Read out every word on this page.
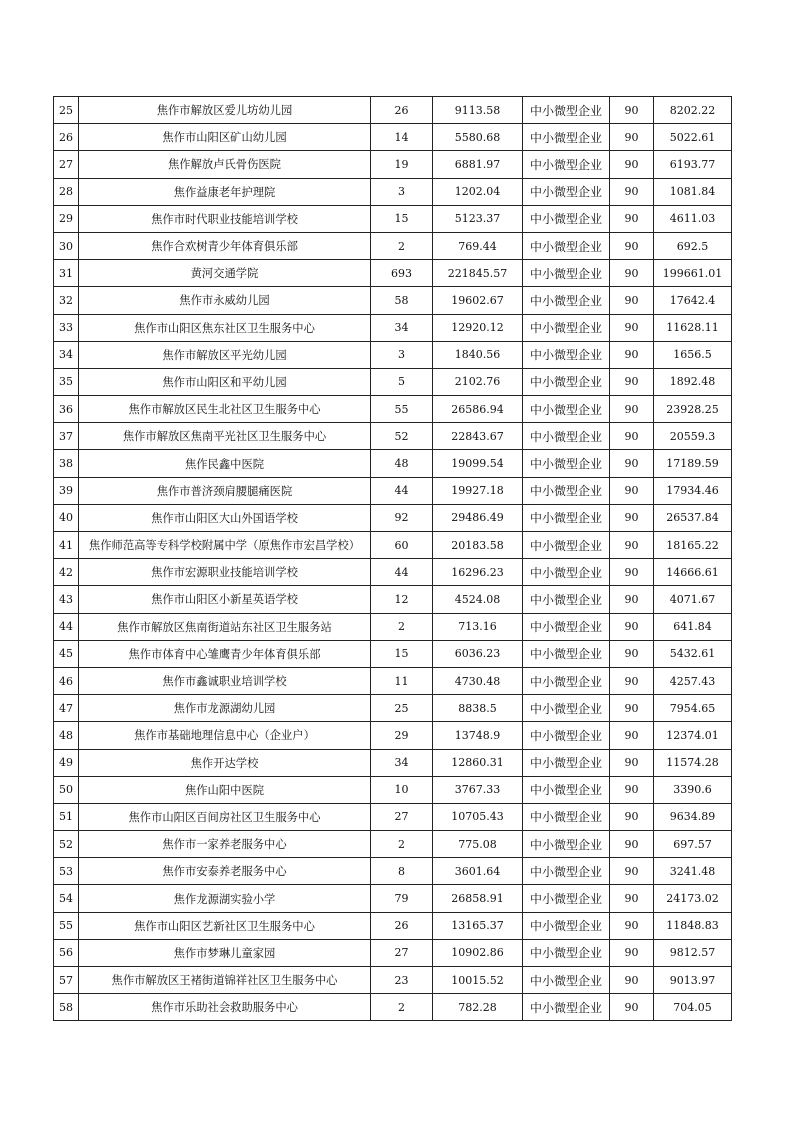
25	焦作市解放区爱儿坊幼儿园	26	9113.58	中小微型企业	90	8202.22
26	焦作市山阳区矿山幼儿园	14	5580.68	中小微型企业	90	5022.61
27	焦作解放卢氏骨伤医院	19	6881.97	中小微型企业	90	6193.77
28	焦作益康老年护理院	3	1202.04	中小微型企业	90	1081.84
29	焦作市时代职业技能培训学校	15	5123.37	中小微型企业	90	4611.03
30	焦作合欢树青少年体育俱乐部	2	769.44	中小微型企业	90	692.5
31	黄河交通学院	693	221845.57	中小微型企业	90	199661.01
32	焦作市永威幼儿园	58	19602.67	中小微型企业	90	17642.4
33	焦作市山阳区焦东社区卫生服务中心	34	12920.12	中小微型企业	90	11628.11
34	焦作市解放区平光幼儿园	3	1840.56	中小微型企业	90	1656.5
35	焦作市山阳区和平幼儿园	5	2102.76	中小微型企业	90	1892.48
36	焦作市解放区民生北社区卫生服务中心	55	26586.94	中小微型企业	90	23928.25
37	焦作市解放区焦南平光社区卫生服务中心	52	22843.67	中小微型企业	90	20559.3
38	焦作民鑫中医院	48	19099.54	中小微型企业	90	17189.59
39	焦作市普济颈肩腰腿痛医院	44	19927.18	中小微型企业	90	17934.46
40	焦作市山阳区大山外国语学校	92	29486.49	中小微型企业	90	26537.84
41	焦作师范高等专科学校附属中学（原焦作市宏昌学校）	60	20183.58	中小微型企业	90	18165.22
42	焦作市宏源职业技能培训学校	44	16296.23	中小微型企业	90	14666.61
43	焦作市山阳区小新星英语学校	12	4524.08	中小微型企业	90	4071.67
44	焦作市解放区焦南街道站东社区卫生服务站	2	713.16	中小微型企业	90	641.84
45	焦作市体育中心雏鹰青少年体育俱乐部	15	6036.23	中小微型企业	90	5432.61
46	焦作市鑫诚职业培训学校	11	4730.48	中小微型企业	90	4257.43
47	焦作市龙源湖幼儿园	25	8838.5	中小微型企业	90	7954.65
48	焦作市基础地理信息中心（企业户）	29	13748.9	中小微型企业	90	12374.01
49	焦作开达学校	34	12860.31	中小微型企业	90	11574.28
50	焦作山阳中医院	10	3767.33	中小微型企业	90	3390.6
51	焦作市山阳区百间房社区卫生服务中心	27	10705.43	中小微型企业	90	9634.89
52	焦作市一家养老服务中心	2	775.08	中小微型企业	90	697.57
53	焦作市安泰养老服务中心	8	3601.64	中小微型企业	90	3241.48
54	焦作龙源湖实验小学	79	26858.91	中小微型企业	90	24173.02
55	焦作市山阳区艺新社区卫生服务中心	26	13165.37	中小微型企业	90	11848.83
56	焦作市梦琳儿童家园	27	10902.86	中小微型企业	90	9812.57
57	焦作市解放区王褚街道锦祥社区卫生服务中心	23	10015.52	中小微型企业	90	9013.97
58	焦作市乐助社会救助服务中心	2	782.28	中小微型企业	90	704.05
